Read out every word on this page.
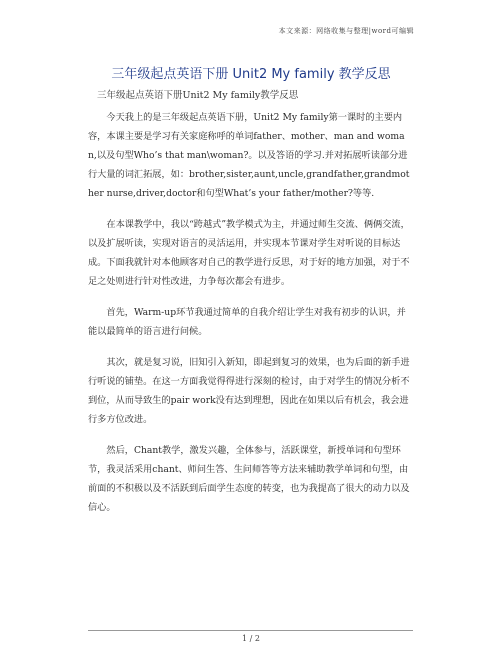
本文来源：网络收集与整理|word可编辑
三年级起点英语下册 Unit2 My family 教学反思
三年级起点英语下册Unit2 My family教学反思

今天我上的是三年级起点英语下册，Unit2 My family第一课时的主要内容，本课主要是学习有关家庭称呼的单词father、mother、man and woman,以及句型Who’s that man\woman?。以及答语的学习.并对拓展听读部分进行大量的词汇拓展，如：brother,sister,aunt,uncle,grandfather,grandmother nurse,driver,doctor和句型What’s your father/mother?等等.

在本课教学中，我以“跨越式”教学模式为主，并通过师生交流、俩俩交流，以及扩展听读，实现对语言的灵活运用，并实现本节课对学生对听说的目标达成。下面我就针对本他顾客对自己的教学进行反思，对于好的地方加强，对于不足之处则进行针对性改进，力争每次都会有进步。

首先，Warm-up环节我通过简单的自我介绍让学生对我有初步的认识，并能以最简单的语言进行问候。

其次，就是复习说，旧知引入新知，即起到复习的效果，也为后面的新手进行听说的铺垫。在这一方面我觉得得进行深刻的检讨，由于对学生的情况分析不到位，从而导致生的pair work没有达到理想，因此在如果以后有机会，我会进行多方位改进。

然后，Chant教学，激发兴趣，全体参与，活跃课堂，新授单词和句型环节，我灵活采用chant、师问生答、生问师答等方法来辅助教学单词和句型，由前面的不积极以及不活跃到后面学生态度的转变，也为我提高了很大的动力以及信心。

1 / 2
